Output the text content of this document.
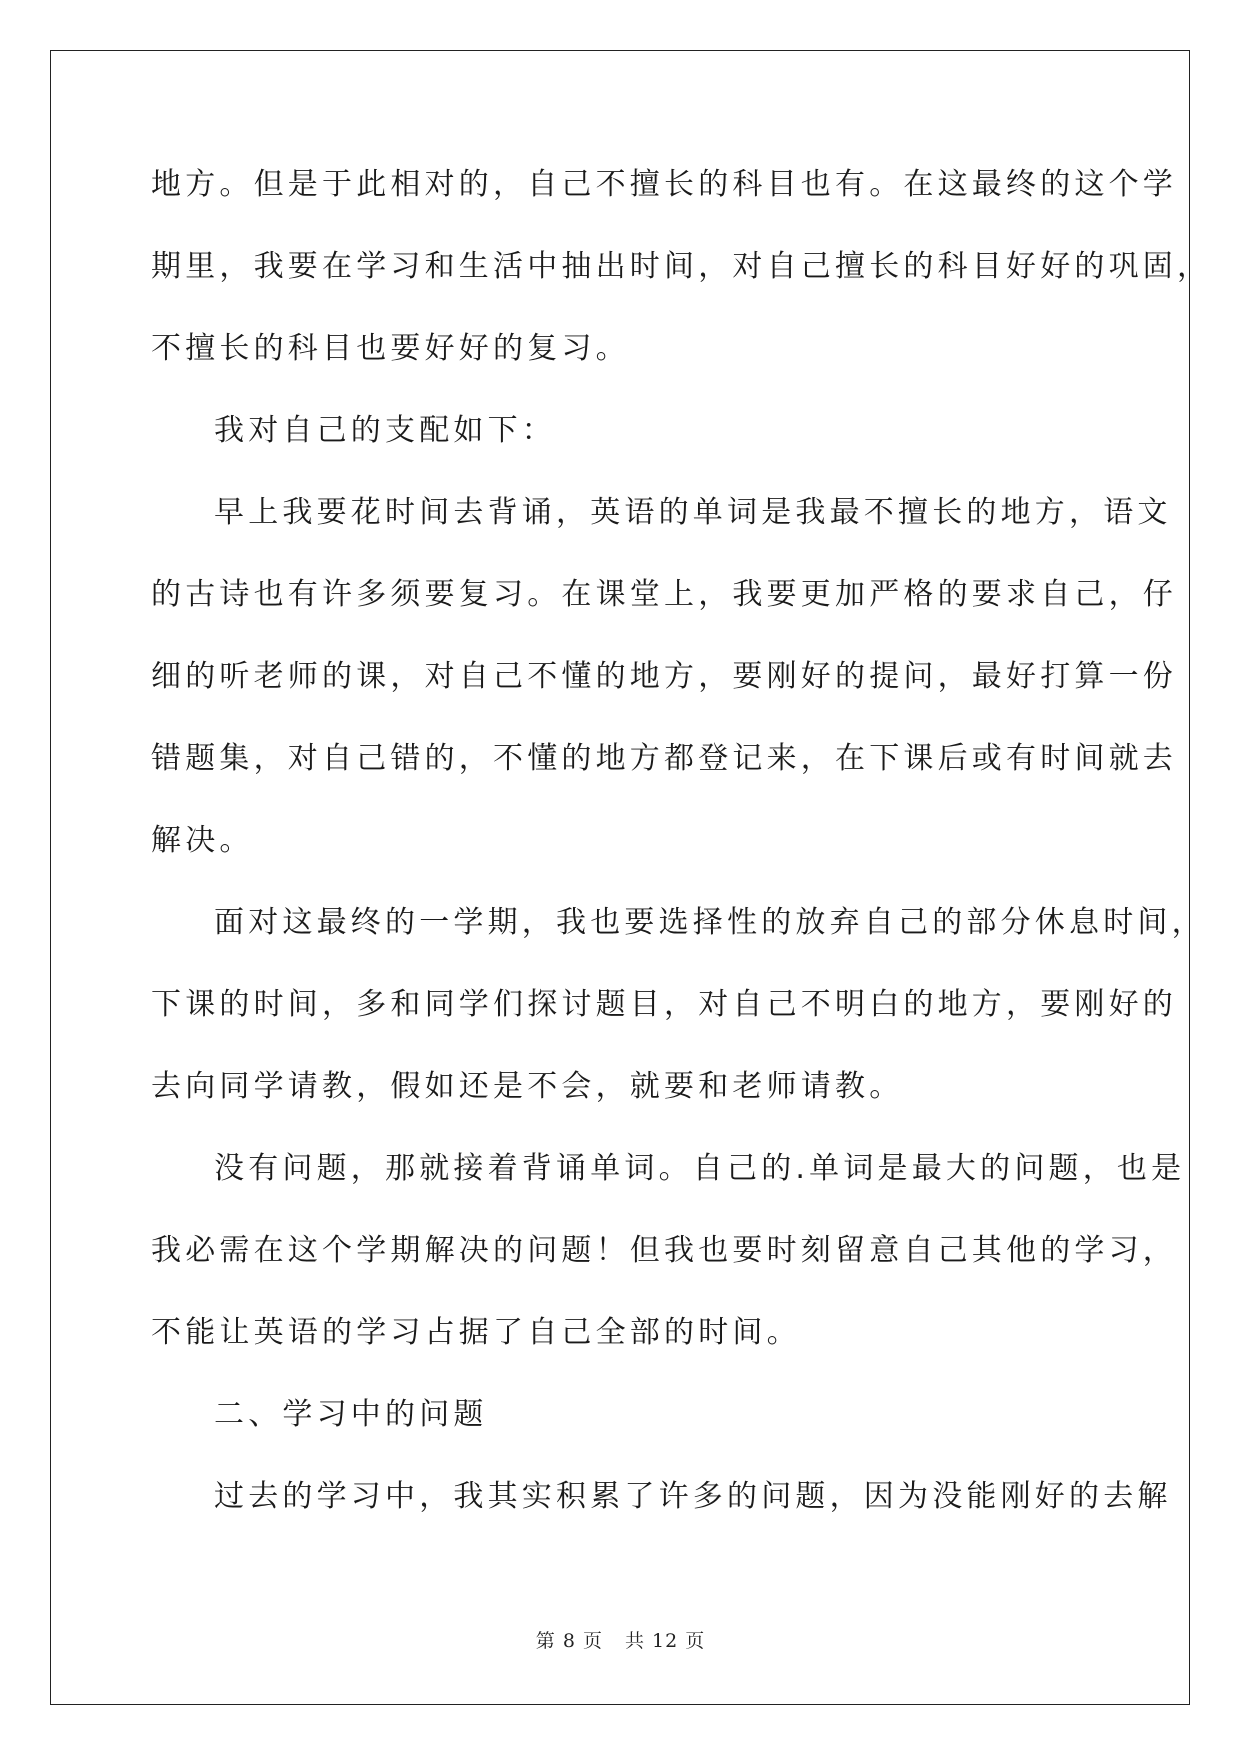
地方。但是于此相对的，自己不擅长的科目也有。在这最终的这个学
期里，我要在学习和生活中抽出时间，对自己擅长的科目好好的巩固，
不擅长的科目也要好好的复习。
我对自己的支配如下：
早上我要花时间去背诵，英语的单词是我最不擅长的地方，语文
的古诗也有许多须要复习。在课堂上，我要更加严格的要求自己，仔
细的听老师的课，对自己不懂的地方，要刚好的提问，最好打算一份
错题集，对自己错的，不懂的地方都登记来，在下课后或有时间就去
解决。
面对这最终的一学期，我也要选择性的放弃自己的部分休息时间，
下课的时间，多和同学们探讨题目，对自己不明白的地方，要刚好的
去向同学请教，假如还是不会，就要和老师请教。
没有问题，那就接着背诵单词。自己的.单词是最大的问题，也是
我必需在这个学期解决的问题！但我也要时刻留意自己其他的学习，
不能让英语的学习占据了自己全部的时间。
二、学习中的问题
过去的学习中，我其实积累了许多的问题，因为没能刚好的去解
第 8 页 共 12 页
